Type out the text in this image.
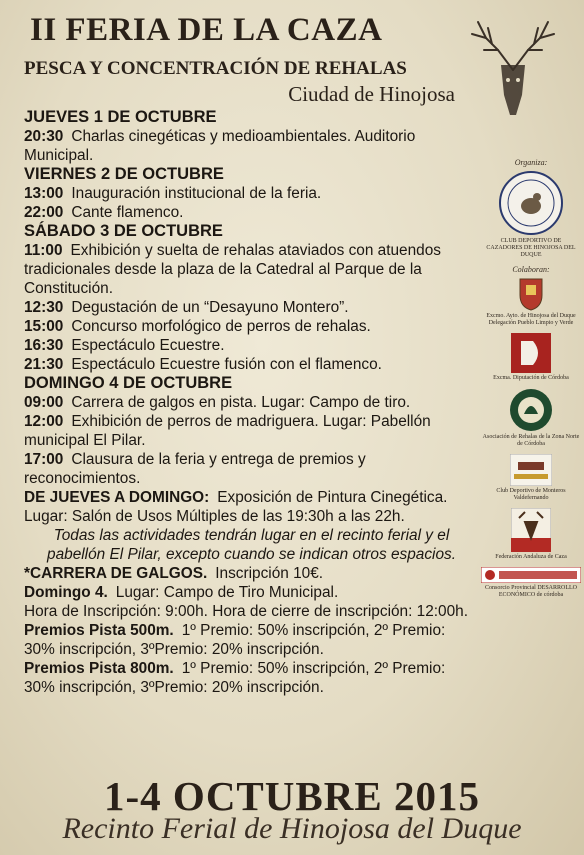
II FERIA DE LA CAZA
PESCA Y CONCENTRACIÓN DE REHALAS
Ciudad de Hinojosa
JUEVES 1 DE OCTUBRE
20:30 Charlas cinegéticas y medioambientales. Auditorio Municipal.
VIERNES 2 DE OCTUBRE
13:00 Inauguración institucional de la feria.
22:00 Cante flamenco.
SÁBADO 3 DE OCTUBRE
11:00 Exhibición y suelta de rehalas ataviados con atuendos tradicionales desde la plaza de la Catedral al Parque de la Constitución.
12:30 Degustación de un “Desayuno Montero”.
15:00 Concurso morfológico de perros de rehalas.
16:30 Espectáculo Ecuestre.
21:30 Espectáculo Ecuestre fusión con el flamenco.
DOMINGO 4 DE OCTUBRE
09:00 Carrera de galgos en pista. Lugar: Campo de tiro.
12:00 Exhibición de perros de madriguera. Lugar: Pabellón municipal El Pilar.
17:00 Clausura de la feria y entrega de premios y reconocimientos.
DE JUEVES A DOMINGO: Exposición de Pintura Cinegética. Lugar: Salón de Usos Múltiples de las 19:30h a las 22h.
Todas las actividades tendrán lugar en el recinto ferial y el pabellón El Pilar, excepto cuando se indican otros espacios.
*CARRERA DE GALGOS. Inscripción 10€.
Domingo 4. Lugar: Campo de Tiro Municipal.
Hora de Inscripción: 9:00h. Hora de cierre de inscripción: 12:00h.
Premios Pista 500m. 1º Premio: 50% inscripción, 2º Premio: 30% inscripción, 3ºPremio: 20% inscripción.
Premios Pista 800m. 1º Premio: 50% inscripción, 2º Premio: 30% inscripción, 3ºPremio: 20% inscripción.
Organiza:
CLUB DEPORTIVO DE CAZADORES DE HINOJOSA DEL DUQUE
Colaboran:
Excmo. Ayto. de Hinojosa del Duque Delegación Pueblo Limpio y Verde
Excma. Diputación de Córdoba
Asociación de Rehalas de la Zona Norte de Córdoba
Club Deportivo de Monteros Valdefernando
Federación Andaluza de Caza
Consorcio Provincial DESARROLLO ECONÓMICO de córdoba
1-4 OCTUBRE 2015
Recinto Ferial de Hinojosa del Duque
